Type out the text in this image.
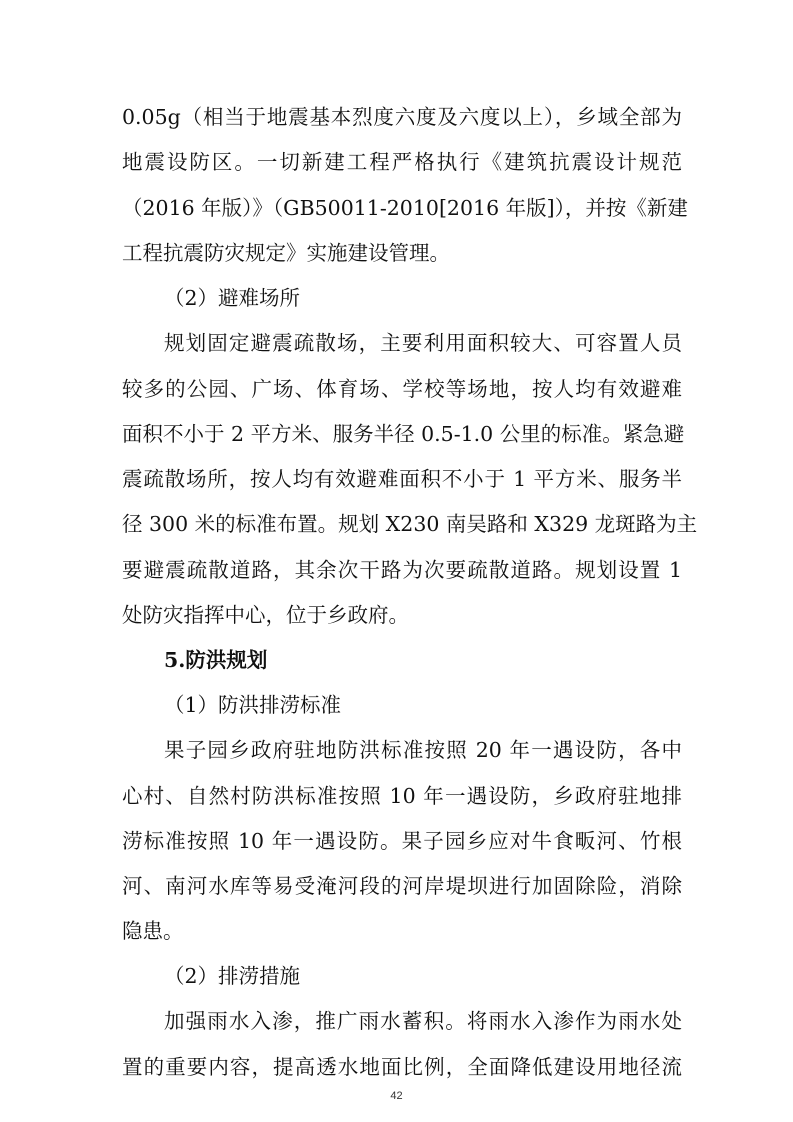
0.05g（相当于地震基本烈度六度及六度以上），乡域全部为
地震设防区。一切新建工程严格执行《建筑抗震设计规范
（2016 年版）》（GB50011-2010[2016 年版]），并按《新建
工程抗震防灾规定》实施建设管理。
（2）避难场所
规划固定避震疏散场，主要利用面积较大、可容置人员
较多的公园、广场、体育场、学校等场地，按人均有效避难
面积不小于 2 平方米、服务半径 0.5-1.0 公里的标准。紧急避
震疏散场所，按人均有效避难面积不小于 1 平方米、服务半
径 300 米的标准布置。规划 X230 南吴路和 X329 龙斑路为主
要避震疏散道路，其余次干路为次要疏散道路。规划设置 1
处防灾指挥中心，位于乡政府。
5.防洪规划
（1）防洪排涝标准
果子园乡政府驻地防洪标准按照 20 年一遇设防，各中
心村、自然村防洪标准按照 10 年一遇设防，乡政府驻地排
涝标准按照 10 年一遇设防。果子园乡应对牛食畈河、竹根
河、南河水库等易受淹河段的河岸堤坝进行加固除险，消除
隐患。
（2）排涝措施
加强雨水入渗，推广雨水蓄积。将雨水入渗作为雨水处
置的重要内容，提高透水地面比例，全面降低建设用地径流
42
